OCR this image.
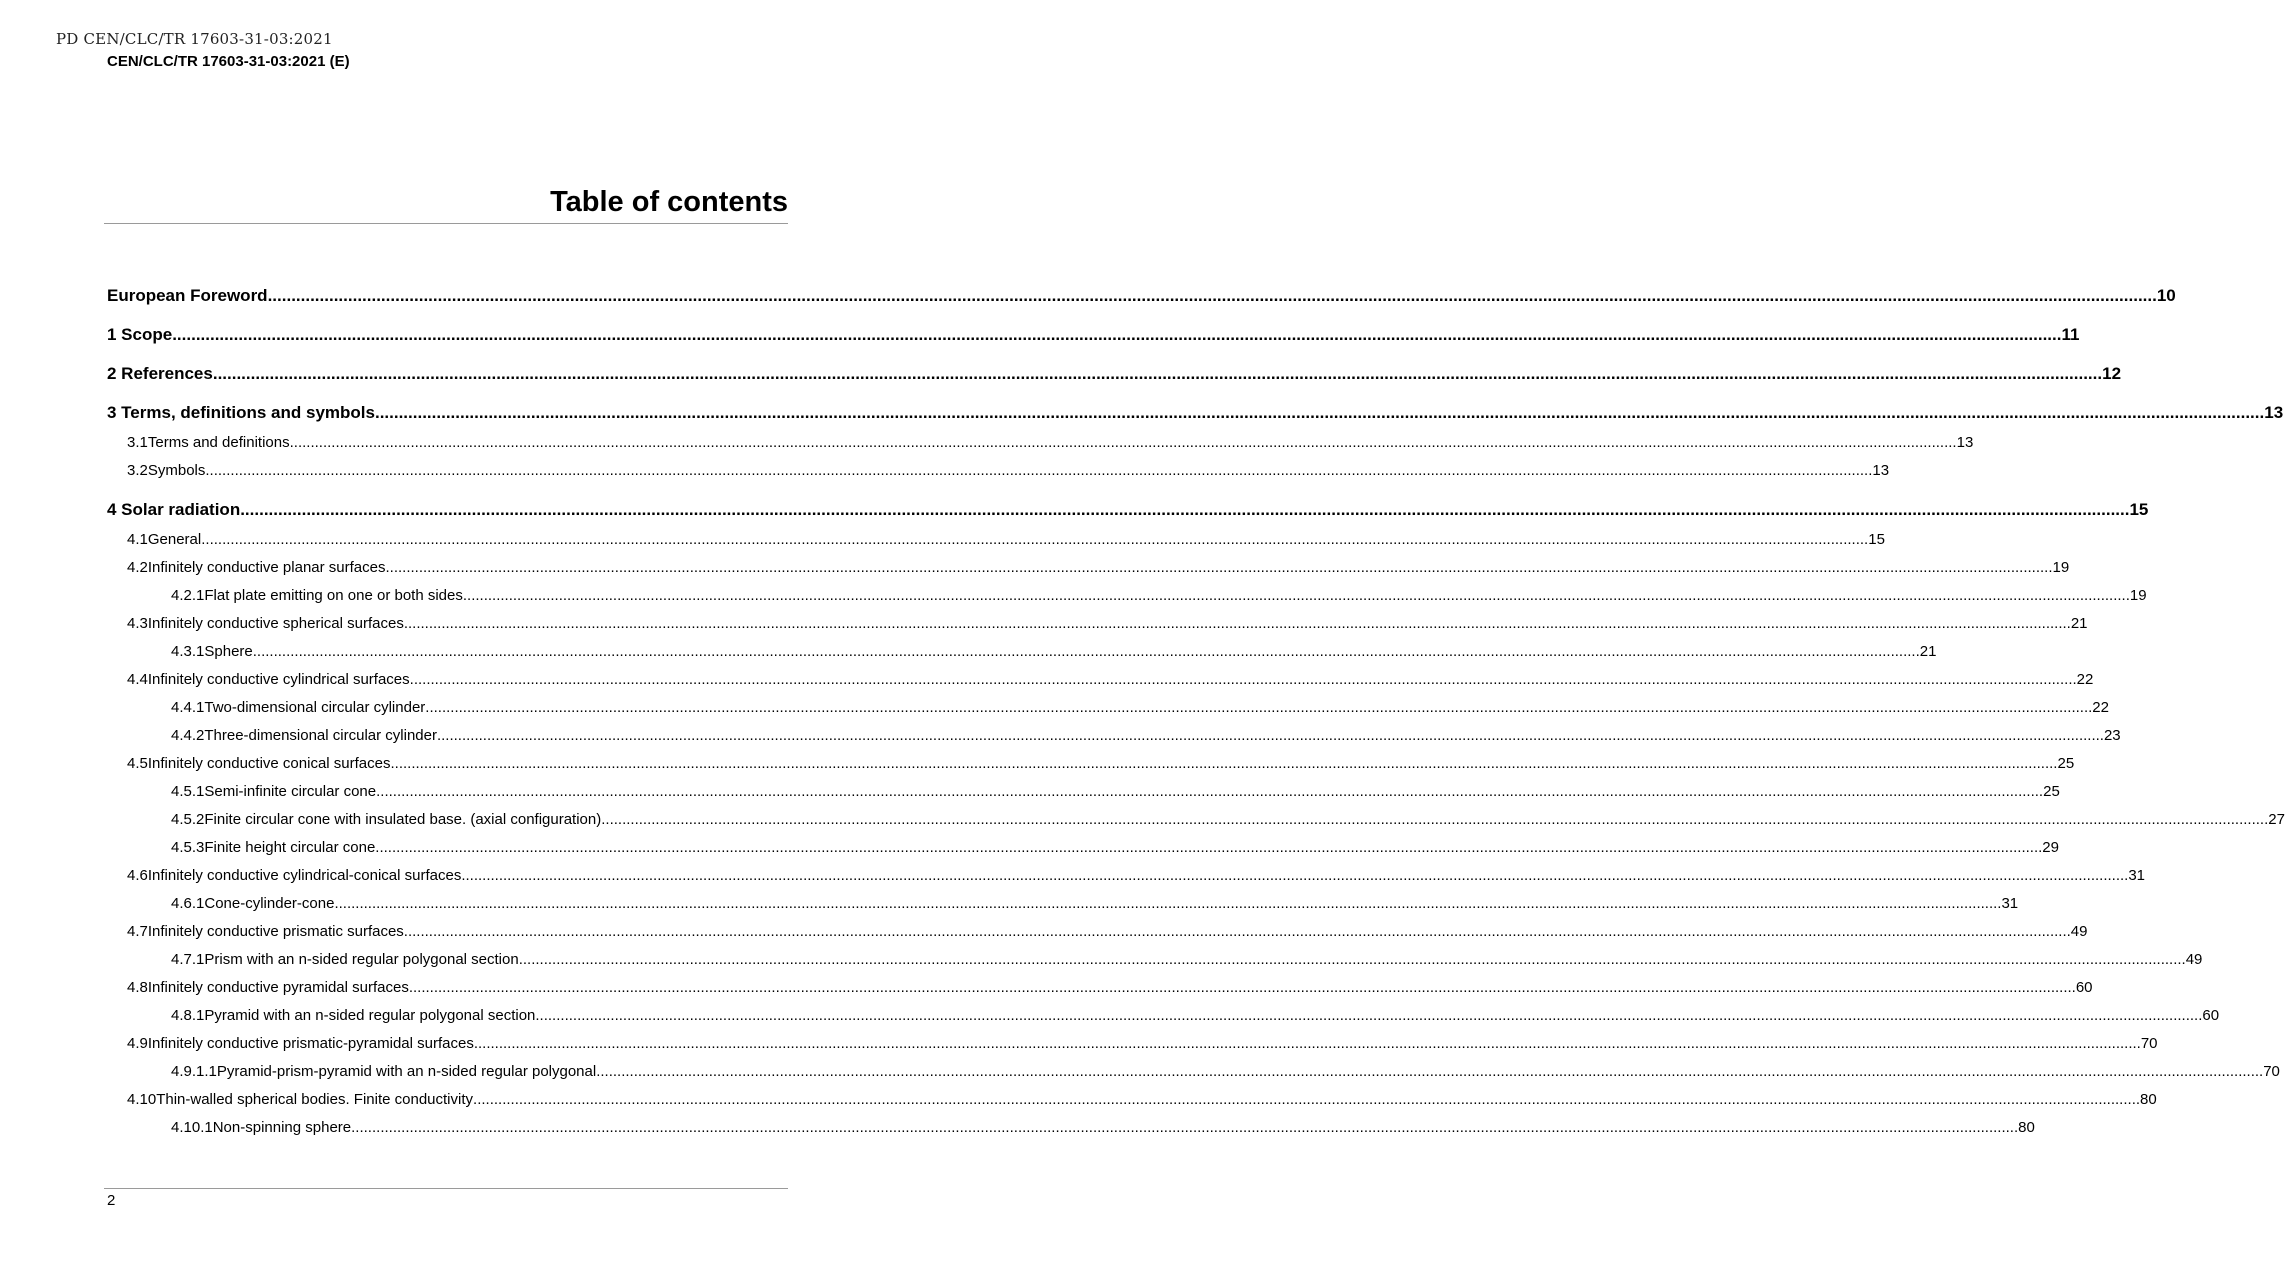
PD CEN/CLC/TR 17603-31-03:2021
CEN/CLC/TR 17603-31-03:2021 (E)
Table of contents
European Foreword ................................................................................................................................................................................................................................................................................................................................................................................................................ 10
1 Scope ................................................................................................................................................................................................................................................................................................................................................................................................................ 11
2 References ................................................................................................................................................................................................................................................................................................................................................................................................................ 12
3 Terms, definitions and symbols ................................................................................................................................................................................................................................................................................................................................................................................................................ 13
3.1 Terms and definitions ................................................................................................................................................................................................................................................................................................................................................................................................................ 13
3.2 Symbols ................................................................................................................................................................................................................................................................................................................................................................................................................ 13
4 Solar radiation ................................................................................................................................................................................................................................................................................................................................................................................................................ 15
4.1 General ................................................................................................................................................................................................................................................................................................................................................................................................................ 15
4.2 Infinitely conductive planar surfaces ................................................................................................................................................................................................................................................................................................................................................................................................................ 19
4.2.1 Flat plate emitting on one or both sides ................................................................................................................................................................................................................................................................................................................................................................................................................ 19
4.3 Infinitely conductive spherical surfaces ................................................................................................................................................................................................................................................................................................................................................................................................................ 21
4.3.1 Sphere ................................................................................................................................................................................................................................................................................................................................................................................................................ 21
4.4 Infinitely conductive cylindrical surfaces ................................................................................................................................................................................................................................................................................................................................................................................................................ 22
4.4.1 Two-dimensional circular cylinder ................................................................................................................................................................................................................................................................................................................................................................................................................ 22
4.4.2 Three-dimensional circular cylinder ................................................................................................................................................................................................................................................................................................................................................................................................................ 23
4.5 Infinitely conductive conical surfaces ................................................................................................................................................................................................................................................................................................................................................................................................................ 25
4.5.1 Semi-infinite circular cone ................................................................................................................................................................................................................................................................................................................................................................................................................ 25
4.5.2 Finite circular cone with insulated base. (axial configuration) ................................................................................................................................................................................................................................................................................................................................................................................................................ 27
4.5.3 Finite height circular cone ................................................................................................................................................................................................................................................................................................................................................................................................................ 29
4.6 Infinitely conductive cylindrical-conical surfaces ................................................................................................................................................................................................................................................................................................................................................................................................................ 31
4.6.1 Cone-cylinder-cone ................................................................................................................................................................................................................................................................................................................................................................................................................ 31
4.7 Infinitely conductive prismatic surfaces ................................................................................................................................................................................................................................................................................................................................................................................................................ 49
4.7.1 Prism with an n-sided regular polygonal section ................................................................................................................................................................................................................................................................................................................................................................................................................ 49
4.8 Infinitely conductive pyramidal surfaces ................................................................................................................................................................................................................................................................................................................................................................................................................ 60
4.8.1 Pyramid with an n-sided regular polygonal section ................................................................................................................................................................................................................................................................................................................................................................................................................ 60
4.9 Infinitely conductive prismatic-pyramidal surfaces ................................................................................................................................................................................................................................................................................................................................................................................................................ 70
4.9.1.1 Pyramid-prism-pyramid with an n-sided regular polygonal ................................................................................................................................................................................................................................................................................................................................................................................................................ 70
4.10 Thin-walled spherical bodies. Finite conductivity ................................................................................................................................................................................................................................................................................................................................................................................................................ 80
4.10.1 Non-spinning sphere ................................................................................................................................................................................................................................................................................................................................................................................................................ 80
2
